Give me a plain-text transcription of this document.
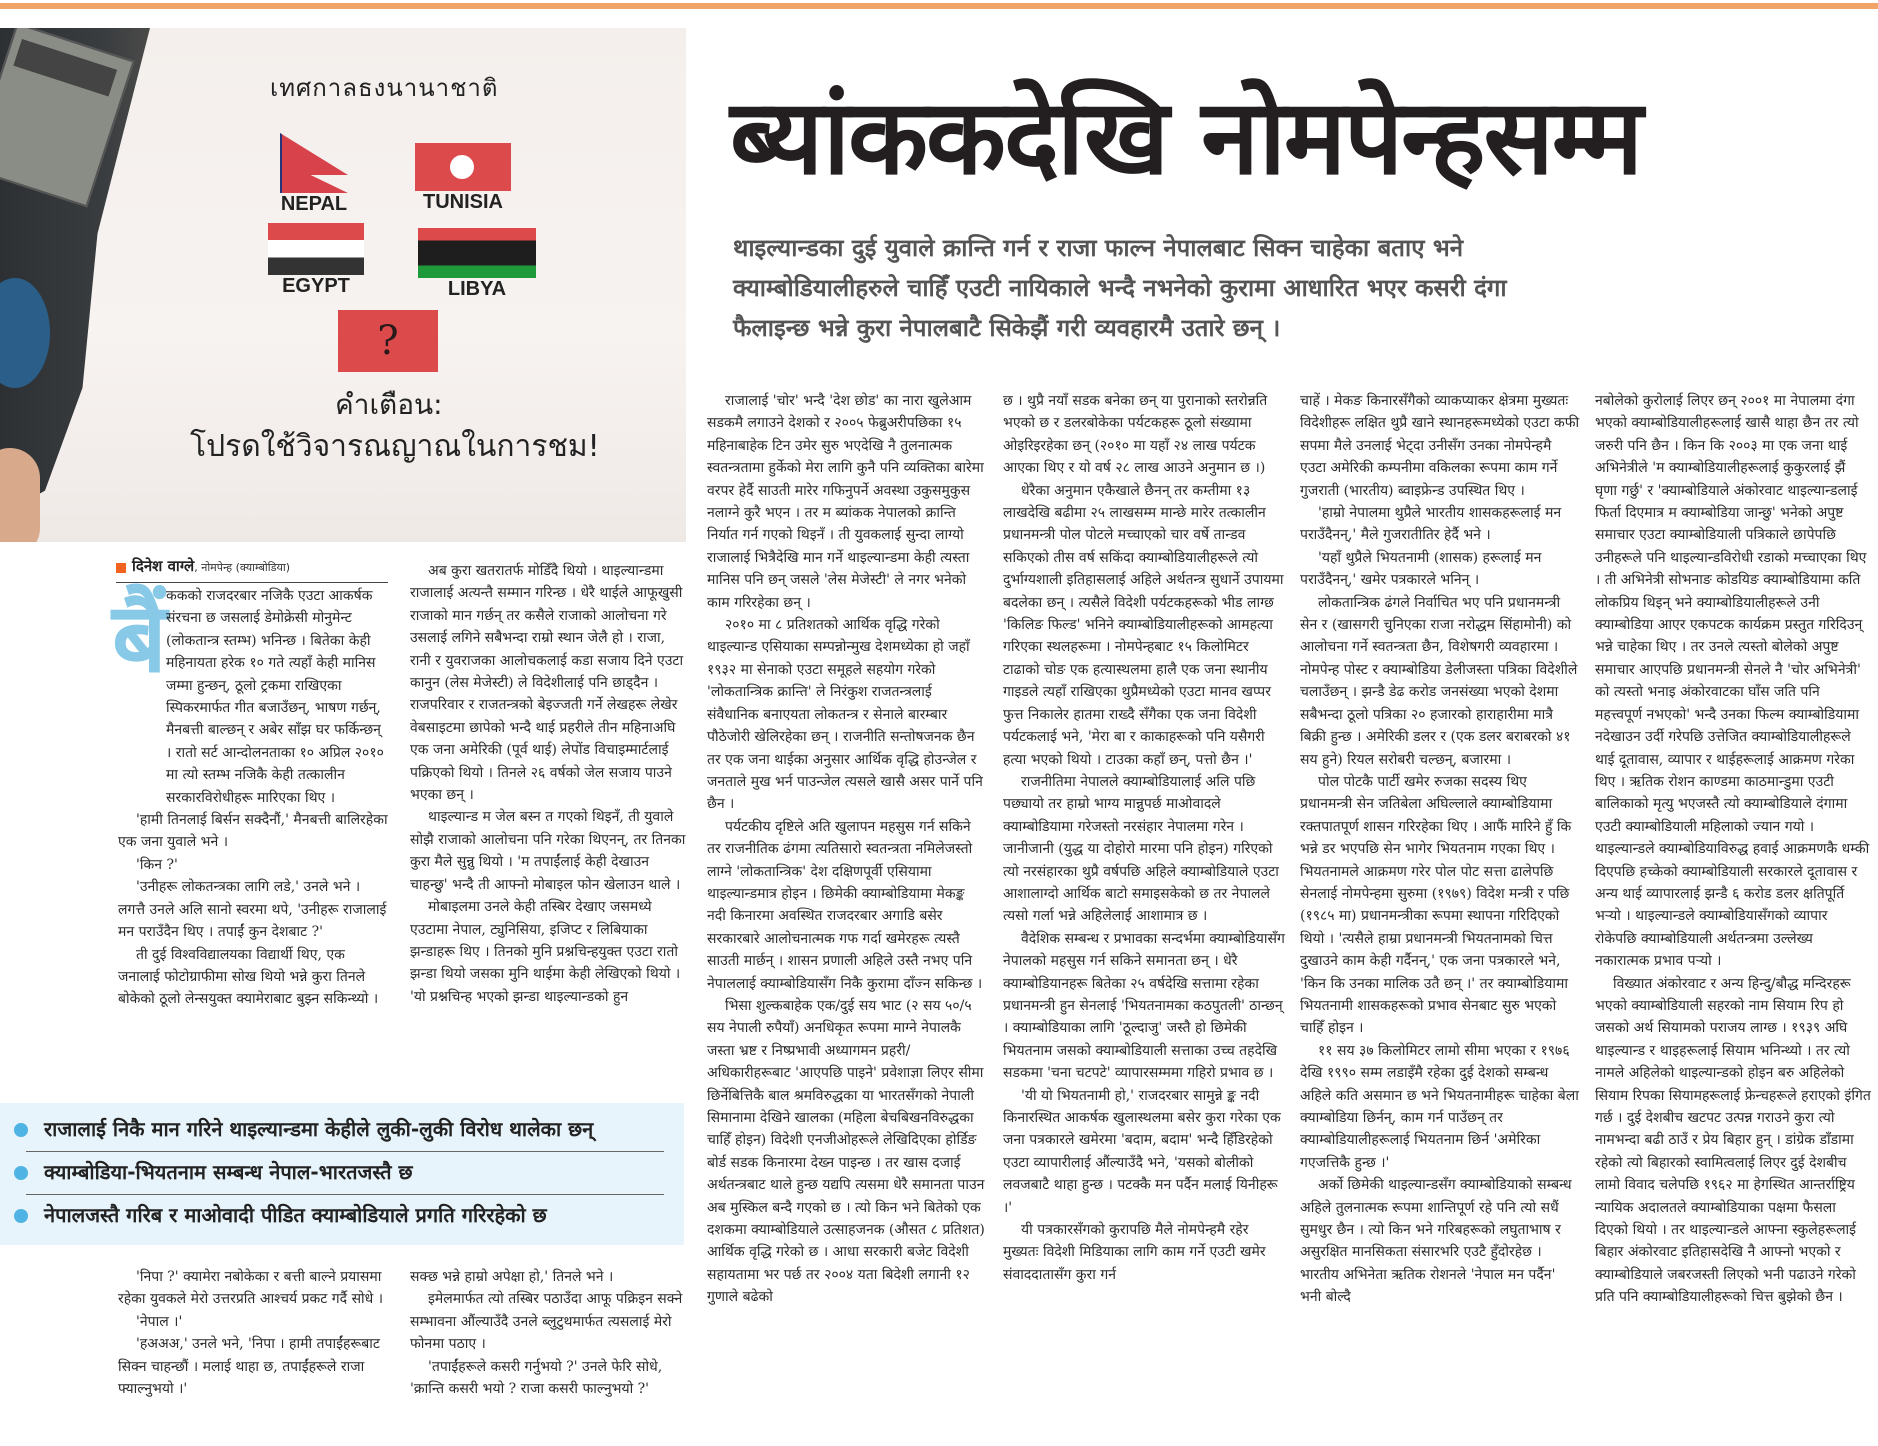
เทศกาลธงนานาชาติ
NEPAL	TUNISIA
EGYPT	LIBYA
?
คำเตือน:
โปรดใช้วิจารณญาณในการชม!
ब्यांककदेखि नोमपेन्हसम्म
थाइल्यान्डका दुई युवाले क्रान्ति गर्न र राजा फाल्न नेपालबाट सिक्न चाहेका बताए भने क्याम्बोडियालीहरुले चाहिँ एउटी नायिकाले भन्दै नभनेको कुरामा आधारित भएर कसरी दंगा फैलाइन्छ भन्ने कुरा नेपालबाटै सिकेझैं गरी व्यवहारमै उतारे छन् ।
दिनेश वाग्ले, नोमपेन्ह (क्याम्बोडिया)
बैं ककको राजदरबार नजिकै एउटा आकर्षक संरचना छ जसलाई डेमोक्रेसी मोनुमेन्ट (लोकतान्त्र स्तम्भ) भनिन्छ । बितेका केही महिनायता हरेक १० गते त्यहाँ केही मानिस जम्मा हुन्छन्, ठूलो ट्रकमा राखिएका स्पिकरमार्फत गीत बजाउँछन्, भाषण गर्छन्, मैनबत्ती बाल्छन् र अबेर साँझ घर फर्किन्छन् । रातो सर्ट आन्दोलनताका १० अप्रिल २०१० मा त्यो स्तम्भ नजिकै केही तत्कालीन सरकारविरोधीहरू मारिएका थिए ।

'हामी तिनलाई बिर्सन सक्दैनौं,' मैनबत्ती बालिरहेका एक जना युवाले भने ।

'किन ?'

'उनीहरू लोकतन्त्रका लागि लडे,' उनले भने । लगत्तै उनले अलि सानो स्वरमा थपे, 'उनीहरू राजालाई मन पराउँदैन थिए । तपाईं कुन देशबाट ?'

ती दुई विश्वविद्यालयका विद्यार्थी थिए, एक जनालाई फोटोग्राफीमा सोख थियो भन्ने कुरा तिनले बोकेको ठूलो लेन्सयुक्त क्यामेराबाट बुझ्न सकिन्थ्यो ।

अब कुरा खतरातर्फ मोडिँदै थियो । थाइल्यान्डमा राजालाई अत्यन्तै सम्मान गरिन्छ । धेरै थाईले आफूखुसी राजाको मान गर्छन् तर कसैले राजाको आलोचना गरे उसलाई लगिने सबैभन्दा राम्रो स्थान जेलै हो । राजा, रानी र युवराजका आलोचकलाई कडा सजाय दिने एउटा कानुन (लेस मेजेस्टी) ले विदेशीलाई पनि छाड्दैन । राजपरिवार र राजतन्त्रको बेइज्जती गर्ने लेखहरू लेखेर वेबसाइटमा छापेको भन्दै थाई प्रहरीले तीन महिनाअघि एक जना अमेरिकी (पूर्व थाई) लेपोंड विचाइम्मार्टलाई पक्रिएको थियो । तिनले २६ वर्षको जेल सजाय पाउने भएका छन् ।

थाइल्यान्ड म जेल बस्न त गएको थिइनँ, ती युवाले सोझै राजाको आलोचना पनि गरेका थिएनन्, तर तिनका कुरा मैले सुन्नु थियो । 'म तपाईंलाई केही देखाउन चाहन्छु' भन्दै ती आफ्नो मोबाइल फोन खेलाउन थाले ।

मोबाइलमा उनले केही तस्बिर देखाए जसमध्ये एउटामा नेपाल, ट्युनिसिया, इजिप्ट र लिबियाका झन्डाहरू थिए । तिनको मुनि प्रश्नचिन्हयुक्त एउटा रातो झन्डा थियो जसका मुनि थाईमा केही लेखिएको थियो । 'यो प्रश्नचिन्ह भएको झन्डा थाइल्यान्डको हुन

राजालाई निकै मान गरिने थाइल्यान्डमा केहीले लुकी-लुकी विरोध थालेका छन्
क्याम्बोडिया-भियतनाम सम्बन्ध नेपाल-भारतजस्तै छ
नेपालजस्तै गरिब र माओवादी पीडित क्याम्बोडियाले प्रगति गरिरहेको छ

'निपा ?' क्यामेरा नबोकेका र बत्ती बाल्ने प्रयासमा रहेका युवकले मेरो उत्तरप्रति आश्चर्य प्रकट गर्दै सोधे ।

'नेपाल ।'

'हअअअ,' उनले भने, 'निपा । हामी तपाईंहरूबाट सिक्न चाहन्छौं । मलाई थाहा छ, तपाईंहरूले राजा फ्याल्नुभयो ।'

सक्छ भन्ने हाम्रो अपेक्षा हो,' तिनले भने ।

इमेलमार्फत त्यो तस्बिर पठाउँदा आफू पक्रिइन सक्ने सम्भावना औंल्याउँदै उनले ब्लुटुथमार्फत त्यसलाई मेरो फोनमा पठाए ।

'तपाईंहरूले कसरी गर्नुभयो ?' उनले फेरि सोधे, 'क्रान्ति कसरी भयो ? राजा कसरी फाल्नुभयो ?'

राजालाई 'चोर' भन्दै 'देश छोड' का नारा खुलेआम सडकमै लगाउने देशको र २००५ फेब्रुअरीपछिका १५ महिनाबाहेक टिन उमेर सुरु भएदेखि नै तुलनात्मक स्वतन्त्रतामा हुर्केको मेरा लागि कुनै पनि व्यक्तिका बारेमा वरपर हेर्दै साउती मारेर गफिनुपर्ने अवस्था उकुसमुकुस नलाग्ने कुरै भएन । तर म ब्यांकक नेपालको क्रान्ति निर्यात गर्न गएको थिइनँ । ती युवकलाई सुन्दा लाग्यो राजालाई भित्रैदेखि मान गर्ने थाइल्यान्डमा केही त्यस्ता मानिस पनि छन् जसले 'लेस मेजेस्टी' ले नगर भनेको काम गरिरहेका छन् ।

२०१० मा ८ प्रतिशतको आर्थिक वृद्धि गरेको थाइल्यान्ड एसियाका सम्पन्नोन्मुख देशमध्येका हो जहाँ १९३२ मा सेनाको एउटा समूहले सहयोग गरेको 'लोकतान्त्रिक क्रान्ति' ले निरंकुश राजतन्त्रलाई संवैधानिक बनाएयता लोकतन्त्र र सेनाले बारम्बार पौठेजोरी खेलिरहेका छन् । राजनीति सन्तोषजनक छैन तर एक जना थाईका अनुसार आर्थिक वृद्धि होउन्जेल र जनताले मुख भर्न पाउन्जेल त्यसले खासै असर पार्ने पनि छैन ।

पर्यटकीय दृष्टिले अति खुलापन महसुस गर्न सकिने तर राजनीतिक ढंगमा त्यतिसारो स्वतन्त्रता नमिलेजस्तो लाग्ने 'लोकतान्त्रिक' देश दक्षिणपूर्वी एसियामा थाइल्यान्डमात्र होइन । छिमेकी क्याम्बोडियामा मेकङ्क नदी किनारमा अवस्थित राजदरबार अगाडि बसेर सरकारबारे आलोचनात्मक गफ गर्दा खमेरहरू त्यस्तै साउती मार्छन् । शासन प्रणाली अहिले उस्तै नभए पनि नेपाललाई क्याम्बोडियासँग निकै कुरामा दाँज्न सकिन्छ ।

भिसा शुल्कबाहेक एक/दुई सय भाट (२ सय ५०/५ सय नेपाली रुपैयाँ) अनधिकृत रूपमा माग्ने नेपालकै जस्ता भ्रष्ट र निष्प्रभावी अध्यागमन प्रहरी/अधिकारीहरूबाट 'आएपछि पाइने' प्रवेशाज्ञा लिएर सीमा छिर्नेबित्तिकै बाल श्रमविरुद्धका या भारतसँगको नेपाली सिमानामा देखिने खालका (महिला बेचबिखनविरुद्धका चाहिँ होइन) विदेशी एनजीओहरूले लेखिदिएका होर्डिङ बोर्ड सडक किनारमा देख्न पाइन्छ । तर खास दजाई अर्थतन्त्रबाट थाले हुन्छ यद्यपि त्यसमा धेरै समानता पाउन अब मुस्किल बन्दै गएको छ । त्यो किन भने बितेको एक दशकमा क्याम्बोडियाले उत्साहजनक (औसत ८ प्रतिशत) आर्थिक वृद्धि गरेको छ । आधा सरकारी बजेट विदेशी सहायतामा भर पर्छ तर २००४ यता बिदेशी लगानी १२ गुणाले बढेको

छ । थुप्रै नयाँ सडक बनेका छन् या पुरानाको स्तरोन्नति भएको छ र डलरबोकेका पर्यटकहरू ठूलो संख्यामा ओइरिइरहेका छन् (२०१० मा यहाँ २४ लाख पर्यटक आएका थिए र यो वर्ष २८ लाख आउने अनुमान छ ।)

धेरैका अनुमान एकैखाले छैनन् तर कम्तीमा १३ लाखदेखि बढीमा २५ लाखसम्म मान्छे मारेर तत्कालीन प्रधानमन्त्री पोल पोटले मच्चाएको चार वर्षे तान्डव सकिएको तीस वर्ष सकिंदा क्याम्बोडियालीहरूले त्यो दुर्भाग्यशाली इतिहासलाई अहिले अर्थतन्त्र सुधार्ने उपायमा बदलेका छन् । त्यसैले विदेशी पर्यटकहरूको भीड लाग्छ 'किलिङ फिल्ड' भनिने क्याम्बोडियालीहरूको आमहत्या गरिएका स्थलहरूमा । नोमपेन्हबाट १५ किलोमिटर टाढाको चोङ एक हत्यास्थलमा हालै एक जना स्थानीय गाइडले त्यहाँ राखिएका थुप्रैमध्येको एउटा मानव खप्पर फुत्त निकालेर हातमा राख्दै सँगैका एक जना विदेशी पर्यटकलाई भने, 'मेरा बा र काकाहरूको पनि यसैगरी हत्या भएको थियो । टाउका कहाँ छन्, पत्तो छैन ।'

राजनीतिमा नेपालले क्याम्बोडियालाई अलि पछि पछ्यायो तर हाम्रो भाग्य मान्नुपर्छ माओवादले क्याम्बोडियामा गरेजस्तो नरसंहार नेपालमा गरेन । जानीजानी (युद्ध या दोहोरो मारमा पनि होइन) गरिएको त्यो नरसंहारका थुप्रै वर्षपछि अहिले क्याम्बोडियाले एउटा आशालाग्दो आर्थिक बाटो समाइसकेको छ तर नेपालले त्यसो गर्ला भन्ने अहिलेलाई आशामात्र छ ।

वैदेशिक सम्बन्ध र प्रभावका सन्दर्भमा क्याम्बोडियासँग नेपालको महसुस गर्न सकिने समानता छन् । धेरै क्याम्बोडियानहरू बितेका २५ वर्षदेखि सत्तामा रहेका प्रधानमन्त्री हुन सेनलाई 'भियतनामका कठपुतली' ठान्छन् । क्याम्बोडियाका लागि 'ठूल्दाजु' जस्तै हो छिमेकी भियतनाम जसको क्याम्बोडियाली सत्ताका उच्च तहदेखि सडकमा 'चना चटपटे' व्यापारसम्ममा गहिरो प्रभाव छ ।

'यी यो भियतनामी हो,' राजदरबार सामुन्ने ङ्क नदी किनारस्थित आकर्षक खुलास्थलमा बसेर कुरा गरेका एक जना पत्रकारले खमेरमा 'बदाम, बदाम' भन्दै हिँडिरहेको एउटा व्यापारीलाई औंल्याउँदै भने, 'यसको बोलीको लवजबाटै थाहा हुन्छ । पटक्कै मन पर्दैन मलाई यिनीहरू ।'

यी पत्रकारसँगको कुरापछि मैले नोमपेन्हमै रहेर मुख्यतः विदेशी मिडियाका लागि काम गर्ने एउटी खमेर संवाददातासँग कुरा गर्न

चाहें । मेकङ किनारसँगैको व्याकप्याकर क्षेत्रमा मुख्यतः विदेशीहरू लक्षित थुप्रै खाने स्थानहरूमध्येको एउटा कफी सपमा मैले उनलाई भेट्दा उनीसँग उनका नोमपेन्हमै एउटा अमेरिकी कम्पनीमा वकिलका रूपमा काम गर्ने गुजराती (भारतीय) ब्वाइफ्रेन्ड उपस्थित थिए ।

'हाम्रो नेपालमा थुप्रैले भारतीय शासकहरूलाई मन पराउँदैनन्,' मैले गुजरातीतिर हेर्दै भने ।

'यहाँ थुप्रैले भियतनामी (शासक) हरूलाई मन पराउँदैनन्,' खमेर पत्रकारले भनिन् ।

लोकतान्त्रिक ढंगले निर्वाचित भए पनि प्रधानमन्त्री सेन र (खासगरी चुनिएका राजा नरोद्धम सिंहामोनी) को आलोचना गर्ने स्वतन्त्रता छैन, विशेषगरी व्यवहारमा । नोमपेन्ह पोस्ट र क्याम्बोडिया डेलीजस्ता पत्रिका विदेशीले चलाउँछन् । झन्डै डेढ करोड जनसंख्या भएको देशमा सबैभन्दा ठूलो पत्रिका २० हजारको हाराहारीमा मात्रै बिक्री हुन्छ । अमेरिकी डलर र (एक डलर बराबरको ४१ सय हुने) रियल सरोबरी चल्छन्, बजारमा ।

पोल पोटकै पार्टी खमेर रुजका सदस्य थिए प्रधानमन्त्री सेन जतिबेला अघिल्लाले क्याम्बोडियामा रक्तपातपूर्ण शासन गरिरहेका थिए । आफैं मारिने हुँ कि भन्ने डर भएपछि सेन भागेर भियतनाम गएका थिए । भियतनामले आक्रमण गरेर पोल पोट सत्ता ढालेपछि सेनलाई नोमपेन्हमा सुरुमा (१९७९) विदेश मन्त्री र पछि (१९८५ मा) प्रधानमन्त्रीका रूपमा स्थापना गरिदिएको थियो । 'त्यसैले हाम्रा प्रधानमन्त्री भियतनामको चित्त दुखाउने काम केही गर्दैनन्,' एक जना पत्रकारले भने, 'किन कि उनका मालिक उतै छन् ।' तर क्याम्बोडियामा भियतनामी शासकहरूको प्रभाव सेनबाट सुरु भएको चाहिँ होइन ।

११ सय ३७ किलोमिटर लामो सीमा भएका र १९७६ देखि १९९० सम्म लडाइँमै रहेका दुई देशको सम्बन्ध अहिले कति असमान छ भने भियतनामीहरू चाहेका बेला क्याम्बोडिया छिर्नन्, काम गर्न पाउँछन् तर क्याम्बोडियालीहरूलाई भियतनाम छिर्न 'अमेरिका गएजत्तिकै हुन्छ ।'

अर्को छिमेकी थाइल्यान्डसँग क्याम्बोडियाको सम्बन्ध अहिले तुलनात्मक रूपमा शान्तिपूर्ण रहे पनि त्यो सधैं सुमधुर छैन । त्यो किन भने गरिबहरूको लघुताभाष र असुरक्षित मानसिकता संसारभरि एउटै हुँदोरहेछ । भारतीय अभिनेता ऋतिक रोशनले 'नेपाल मन पर्दैन' भनी बोल्दै

नबोलेको कुरोलाई लिएर छन् २००१ मा नेपालमा दंगा भएको क्याम्बोडियालीहरूलाई खासै थाहा छैन तर त्यो जरुरी पनि छैन । किन कि २००३ मा एक जना थाई अभिनेत्रीले 'म क्याम्बोडियालीहरूलाई कुकुरलाई झैं घृणा गर्छु' र 'क्याम्बोडियाले अंकोरवाट थाइल्यान्डलाई फिर्ता दिएमात्र म क्याम्बोडिया जान्छु' भनेको अपुष्ट समाचार एउटा क्याम्बोडियाली पत्रिकाले छापेपछि उनीहरूले पनि थाइल्यान्डविरोधी रडाको मच्चाएका थिए । ती अभिनेत्री सोभनाङ कोडयिङ क्याम्बोडियामा कति लोकप्रिय थिइन् भने क्याम्बोडियालीहरूले उनी क्याम्बोडिया आएर एकपटक कार्यक्रम प्रस्तुत गरिदिउन् भन्ने चाहेका थिए । तर उनले त्यस्तो बोलेको अपुष्ट समाचार आएपछि प्रधानमन्त्री सेनले नै 'चोर अभिनेत्री' को त्यस्तो भनाइ अंकोरवाटका घाँस जति पनि महत्त्वपूर्ण नभएको' भन्दै उनका फिल्म क्याम्बोडियामा नदेखाउन उर्दी गरेपछि उत्तेजित क्याम्बोडियालीहरूले थाई दूतावास, व्यापार र थाईहरूलाई आक्रमण गरेका थिए । ऋतिक रोशन काण्डमा काठमान्डुमा एउटी बालिकाको मृत्यु भएजस्तै त्यो क्याम्बोडियाले दंगामा एउटी क्याम्बोडियाली महिलाको ज्यान गयो । थाइल्यान्डले क्याम्बोडियाविरुद्ध हवाई आक्रमणकै धम्की दिएपछि हच्केको क्याम्बोडियाली सरकारले दूतावास र अन्य थाई व्यापारलाई झन्डै ६ करोड डलर क्षतिपूर्ति भऱ्यो । थाइल्यान्डले क्याम्बोडियासँगको व्यापार रोकेपछि क्याम्बोडियाली अर्थतन्त्रमा उल्लेख्य नकारात्मक प्रभाव पऱ्यो ।

विख्यात अंकोरवाट र अन्य हिन्दु/बौद्ध मन्दिरहरू भएको क्याम्बोडियाली सहरको नाम सियाम रिप हो जसको अर्थ सियामको पराजय लाग्छ । १९३९ अघि थाइल्यान्ड र थाइहरूलाई सियाम भनिन्थ्यो । तर त्यो नामले अहिलेको थाइल्यान्डको होइन बरु अहिलेको सियाम रिपका सियामहरूलाई फ्रेन्चहरूले हराएको इंगित गर्छ । दुई देशबीच खटपट उत्पन्न गराउने कुरा त्यो नामभन्दा बढी ठाउँ र प्रेय बिहार हुन् । डांग्रेक डाँडामा रहेको त्यो बिहारको स्वामित्वलाई लिएर दुई देशबीच लामो विवाद चलेपछि १९६२ मा हेगस्थित आन्तर्राष्ट्रिय न्यायिक अदालतले क्याम्बोडियाका पक्षमा फैसला दिएको थियो । तर थाइल्यान्डले आफ्ना स्कुलेहरूलाई बिहार अंकोरवाट इतिहासदेखि नै आफ्नो भएको र क्याम्बोडियाले जबरजस्ती लिएको भनी पढाउने गरेको प्रति पनि क्याम्बोडियालीहरूको चित्त बुझेको छैन ।
